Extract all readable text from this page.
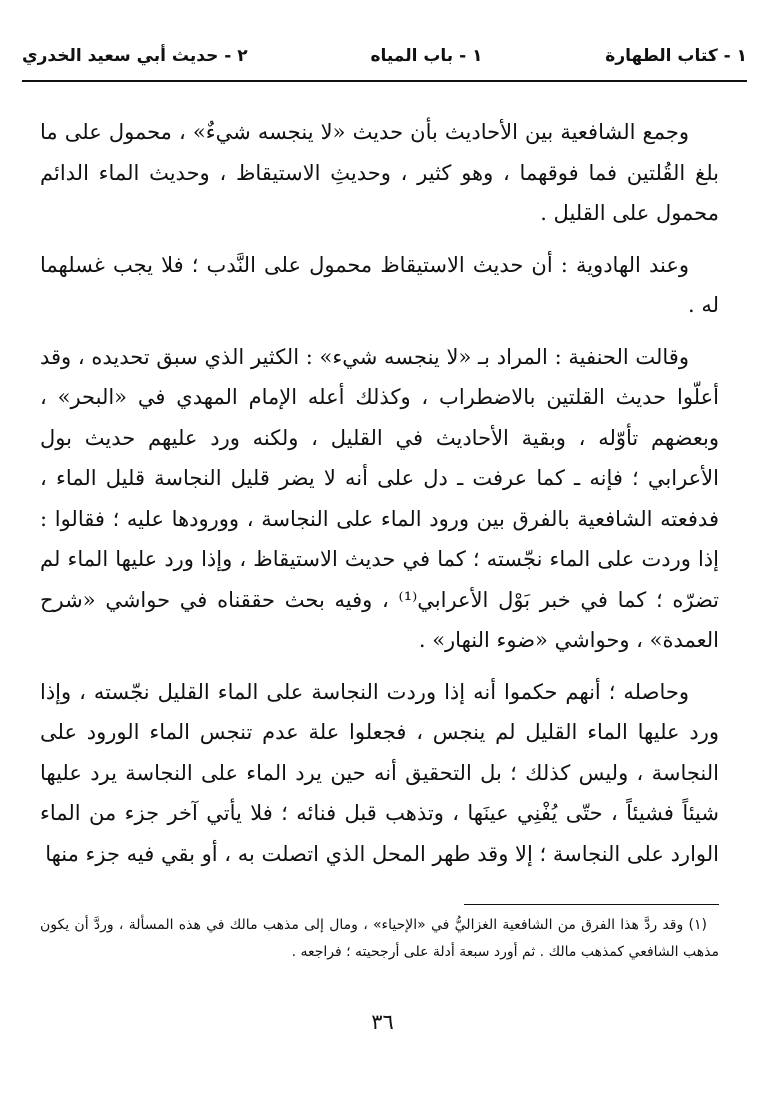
١ - كتاب الطهارة
١ - باب المياه
٢ - حديث أبي سعيد الخدري

وجمع الشافعية بين الأحاديث بأن حديث «لا ينجسه شيءٌ» ، محمول على ما بلغ القُلتين فما فوقهما ، وهو كثير ، وحديثِ الاستيقاظ ، وحديث الماء الدائم محمول على القليل .

وعند الهادوية : أن حديث الاستيقاظ محمول على النَّدب ؛ فلا يجب غسلهما له .

وقالت الحنفية : المراد بـ «لا ينجسه شيء» : الكثير الذي سبق تحديده ، وقد أعلّوا حديث القلتين بالاضطراب ، وكذلك أعله الإمام المهدي في «البحر» ، وبعضهم تأوّله ، وبقية الأحاديث في القليل ، ولكنه ورد عليهم حديث بول الأعرابي ؛ فإنه ـ كما عرفت ـ دل على أنه لا يضر قليل النجاسة قليل الماء ، فدفعته الشافعية بالفرق بين ورود الماء على النجاسة ، وورودها عليه ؛ فقالوا : إذا وردت على الماء نجّسته ؛ كما في حديث الاستيقاظ ، وإذا ورد عليها الماء لم تضرّه ؛ كما في خبر بَوْل الأعرابي⁽¹⁾ ، وفيه بحث حققناه في حواشي «شرح العمدة» ، وحواشي «ضوء النهار» .

وحاصله ؛ أنهم حكموا أنه إذا وردت النجاسة على الماء القليل نجّسته ، وإذا ورد عليها الماء القليل لم ينجس ، فجعلوا علة عدم تنجس الماء الورود على النجاسة ، وليس كذلك ؛ بل التحقيق أنه حين يرد الماء على النجاسة يرد عليها شيئاً فشيئاً ، حتّى يُفْنِي عينَها ، وتذهب قبل فنائه ؛ فلا يأتي آخر جزء من الماء الوارد على النجاسة ؛ إلا وقد طهر المحل الذي اتصلت به ، أو بقي فيه جزء منها

(١) وقد ردَّ هذا الفرق من الشافعية الغزاليُّ في «الإحياء» ، ومال إلى مذهب مالك في هذه المسألة ، وردَّ أن يكون مذهب الشافعي كمذهب مالك . ثم أورد سبعة أدلة على أرجحيته ؛ فراجعه .

٣٦
